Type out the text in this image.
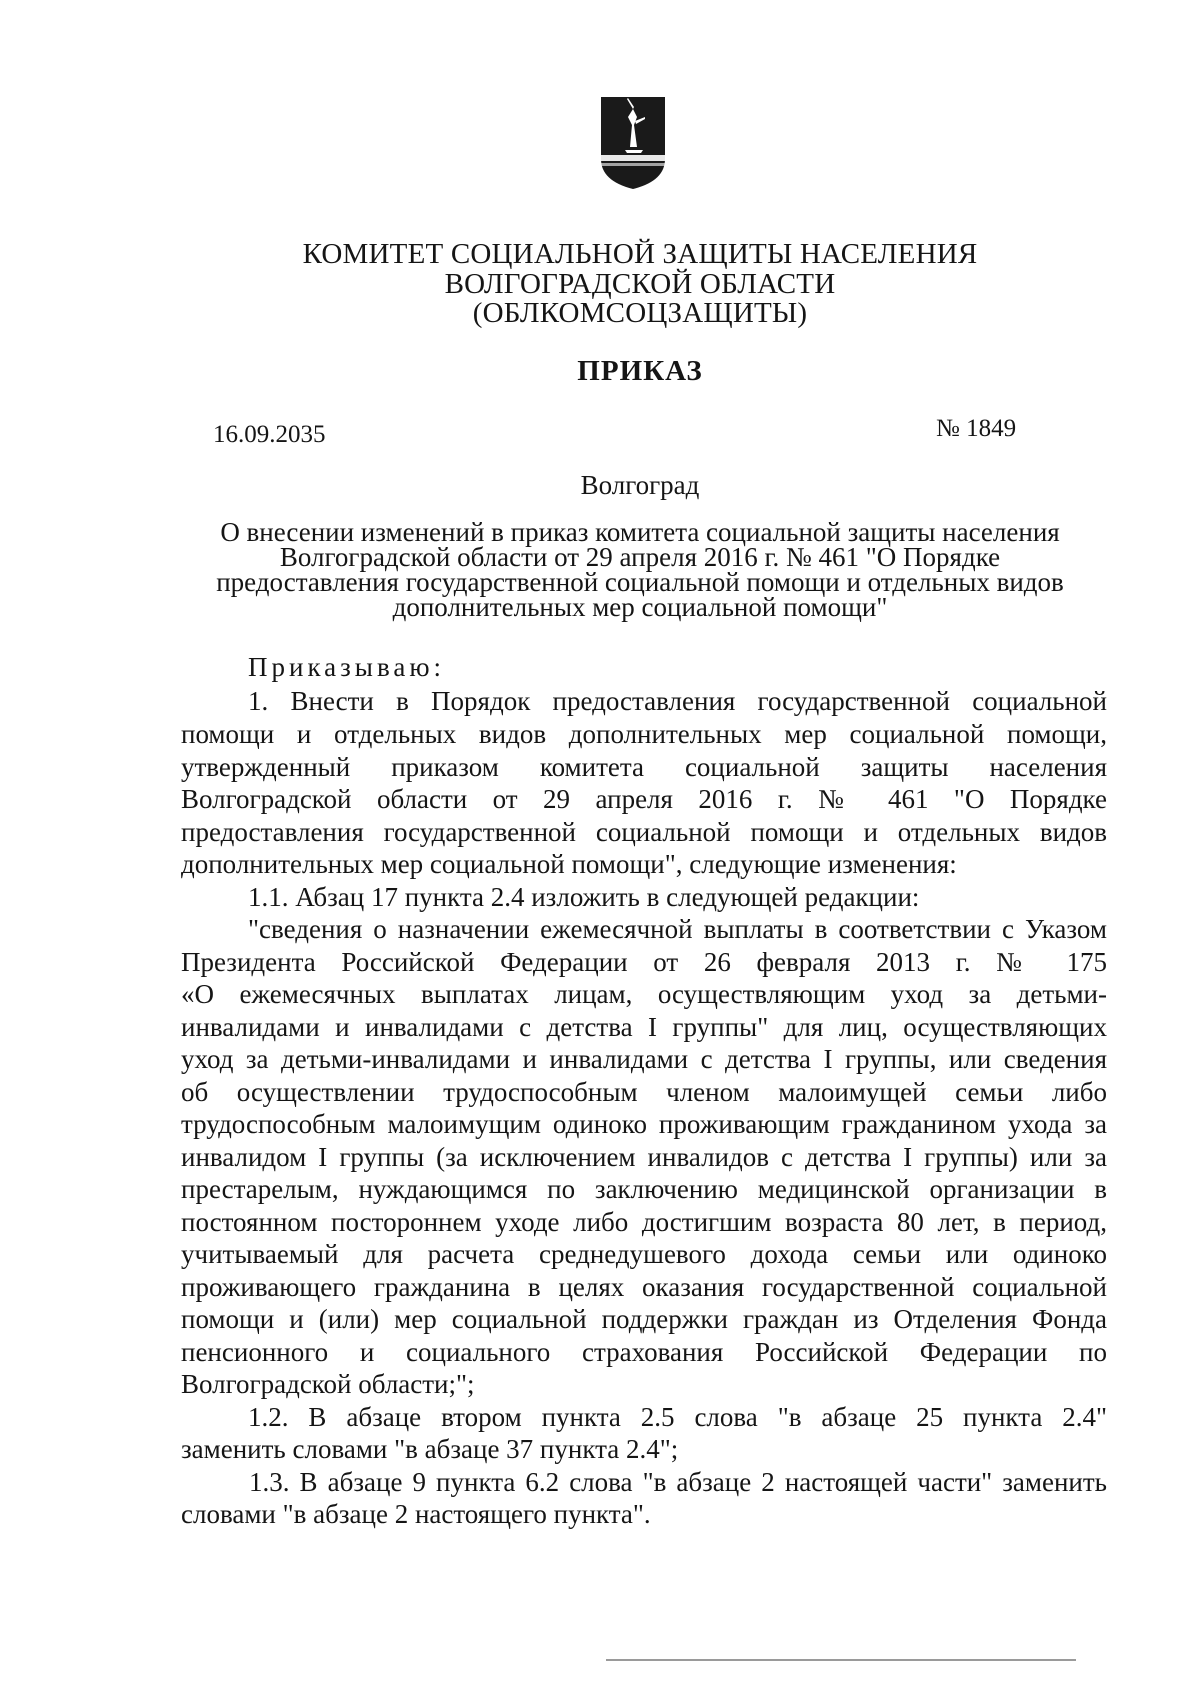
КОМИТЕТ СОЦИАЛЬНОЙ ЗАЩИТЫ НАСЕЛЕНИЯ
ВОЛГОГРАДСКОЙ ОБЛАСТИ
(ОБЛКОМСОЦЗАЩИТЫ)
ПРИКАЗ
16.09.2035	№ 1849
Волгоград
О внесении изменений в приказ комитета социальной защиты населения
Волгоградской области от 29 апреля 2016 г. № 461 "О Порядке
предоставления государственной социальной помощи и отдельных видов
дополнительных мер социальной помощи"
Приказываю:
1. Внести в Порядок предоставления государственной социальной
помощи и отдельных видов дополнительных мер социальной помощи,
утвержденный приказом комитета социальной защиты населения
Волгоградской области от 29 апреля 2016 г. № 461 "О Порядке
предоставления государственной социальной помощи и отдельных видов
дополнительных мер социальной помощи", следующие изменения:
1.1. Абзац 17 пункта 2.4 изложить в следующей редакции:
"сведения о назначении ежемесячной выплаты в соответствии с Указом
Президента Российской Федерации от 26 февраля 2013 г. № 175
«О ежемесячных выплатах лицам, осуществляющим уход за детьми-
инвалидами и инвалидами с детства I группы" для лиц, осуществляющих
уход за детьми-инвалидами и инвалидами с детства I группы, или сведения
об осуществлении трудоспособным членом малоимущей семьи либо
трудоспособным малоимущим одиноко проживающим гражданином ухода за
инвалидом I группы (за исключением инвалидов с детства I группы) или за
престарелым, нуждающимся по заключению медицинской организации в
постоянном постороннем уходе либо достигшим возраста 80 лет, в период,
учитываемый для расчета среднедушевого дохода семьи или одиноко
проживающего гражданина в целях оказания государственной социальной
помощи и (или) мер социальной поддержки граждан из Отделения Фонда
пенсионного и социального страхования Российской Федерации по
Волгоградской области;";
1.2. В абзаце втором пункта 2.5 слова "в абзаце 25 пункта 2.4"
заменить словами "в абзаце 37 пункта 2.4";
1.3. В абзаце 9 пункта 6.2 слова "в абзаце 2 настоящей части" заменить
словами "в абзаце 2 настоящего пункта".
